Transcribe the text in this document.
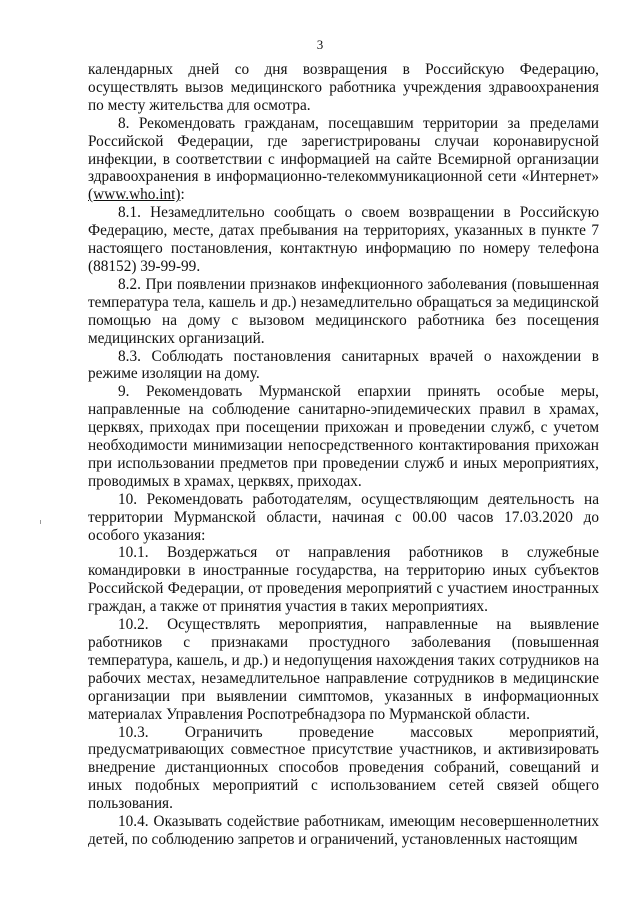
3

календарных дней со дня возвращения в Российскую Федерацию, осуществлять вызов медицинского работника учреждения здравоохранения по месту жительства для осмотра.

8. Рекомендовать гражданам, посещавшим территории за пределами Российской Федерации, где зарегистрированы случаи коронавирусной инфекции, в соответствии с информацией на сайте Всемирной организации здравоохранения в информационно-телекоммуникационной сети «Интернет» (www.who.int):

8.1. Незамедлительно сообщать о своем возвращении в Российскую Федерацию, месте, датах пребывания на территориях, указанных в пункте 7 настоящего постановления, контактную информацию по номеру телефона (88152) 39-99-99.

8.2. При появлении признаков инфекционного заболевания (повышенная температура тела, кашель и др.) незамедлительно обращаться за медицинской помощью на дому с вызовом медицинского работника без посещения медицинских организаций.

8.3. Соблюдать постановления санитарных врачей о нахождении в режиме изоляции на дому.

9. Рекомендовать Мурманской епархии принять особые меры, направленные на соблюдение санитарно-эпидемических правил в храмах, церквях, приходах при посещении прихожан и проведении служб, с учетом необходимости минимизации непосредственного контактирования прихожан при использовании предметов при проведении служб и иных мероприятиях, проводимых в храмах, церквях, приходах.

10. Рекомендовать работодателям, осуществляющим деятельность на территории Мурманской области, начиная с 00.00 часов 17.03.2020 до особого указания:

10.1. Воздержаться от направления работников в служебные командировки в иностранные государства, на территорию иных субъектов Российской Федерации, от проведения мероприятий с участием иностранных граждан, а также от принятия участия в таких мероприятиях.

10.2. Осуществлять мероприятия, направленные на выявление работников с признаками простудного заболевания (повышенная температура, кашель, и др.) и недопущения нахождения таких сотрудников на рабочих местах, незамедлительное направление сотрудников в медицинские организации при выявлении симптомов, указанных в информационных материалах Управления Роспотребнадзора по Мурманской области.

10.3. Ограничить проведение массовых мероприятий, предусматривающих совместное присутствие участников, и активизировать внедрение дистанционных способов проведения собраний, совещаний и иных подобных мероприятий с использованием сетей связей общего пользования.

10.4. Оказывать содействие работникам, имеющим несовершеннолетних детей, по соблюдению запретов и ограничений, установленных настоящим
